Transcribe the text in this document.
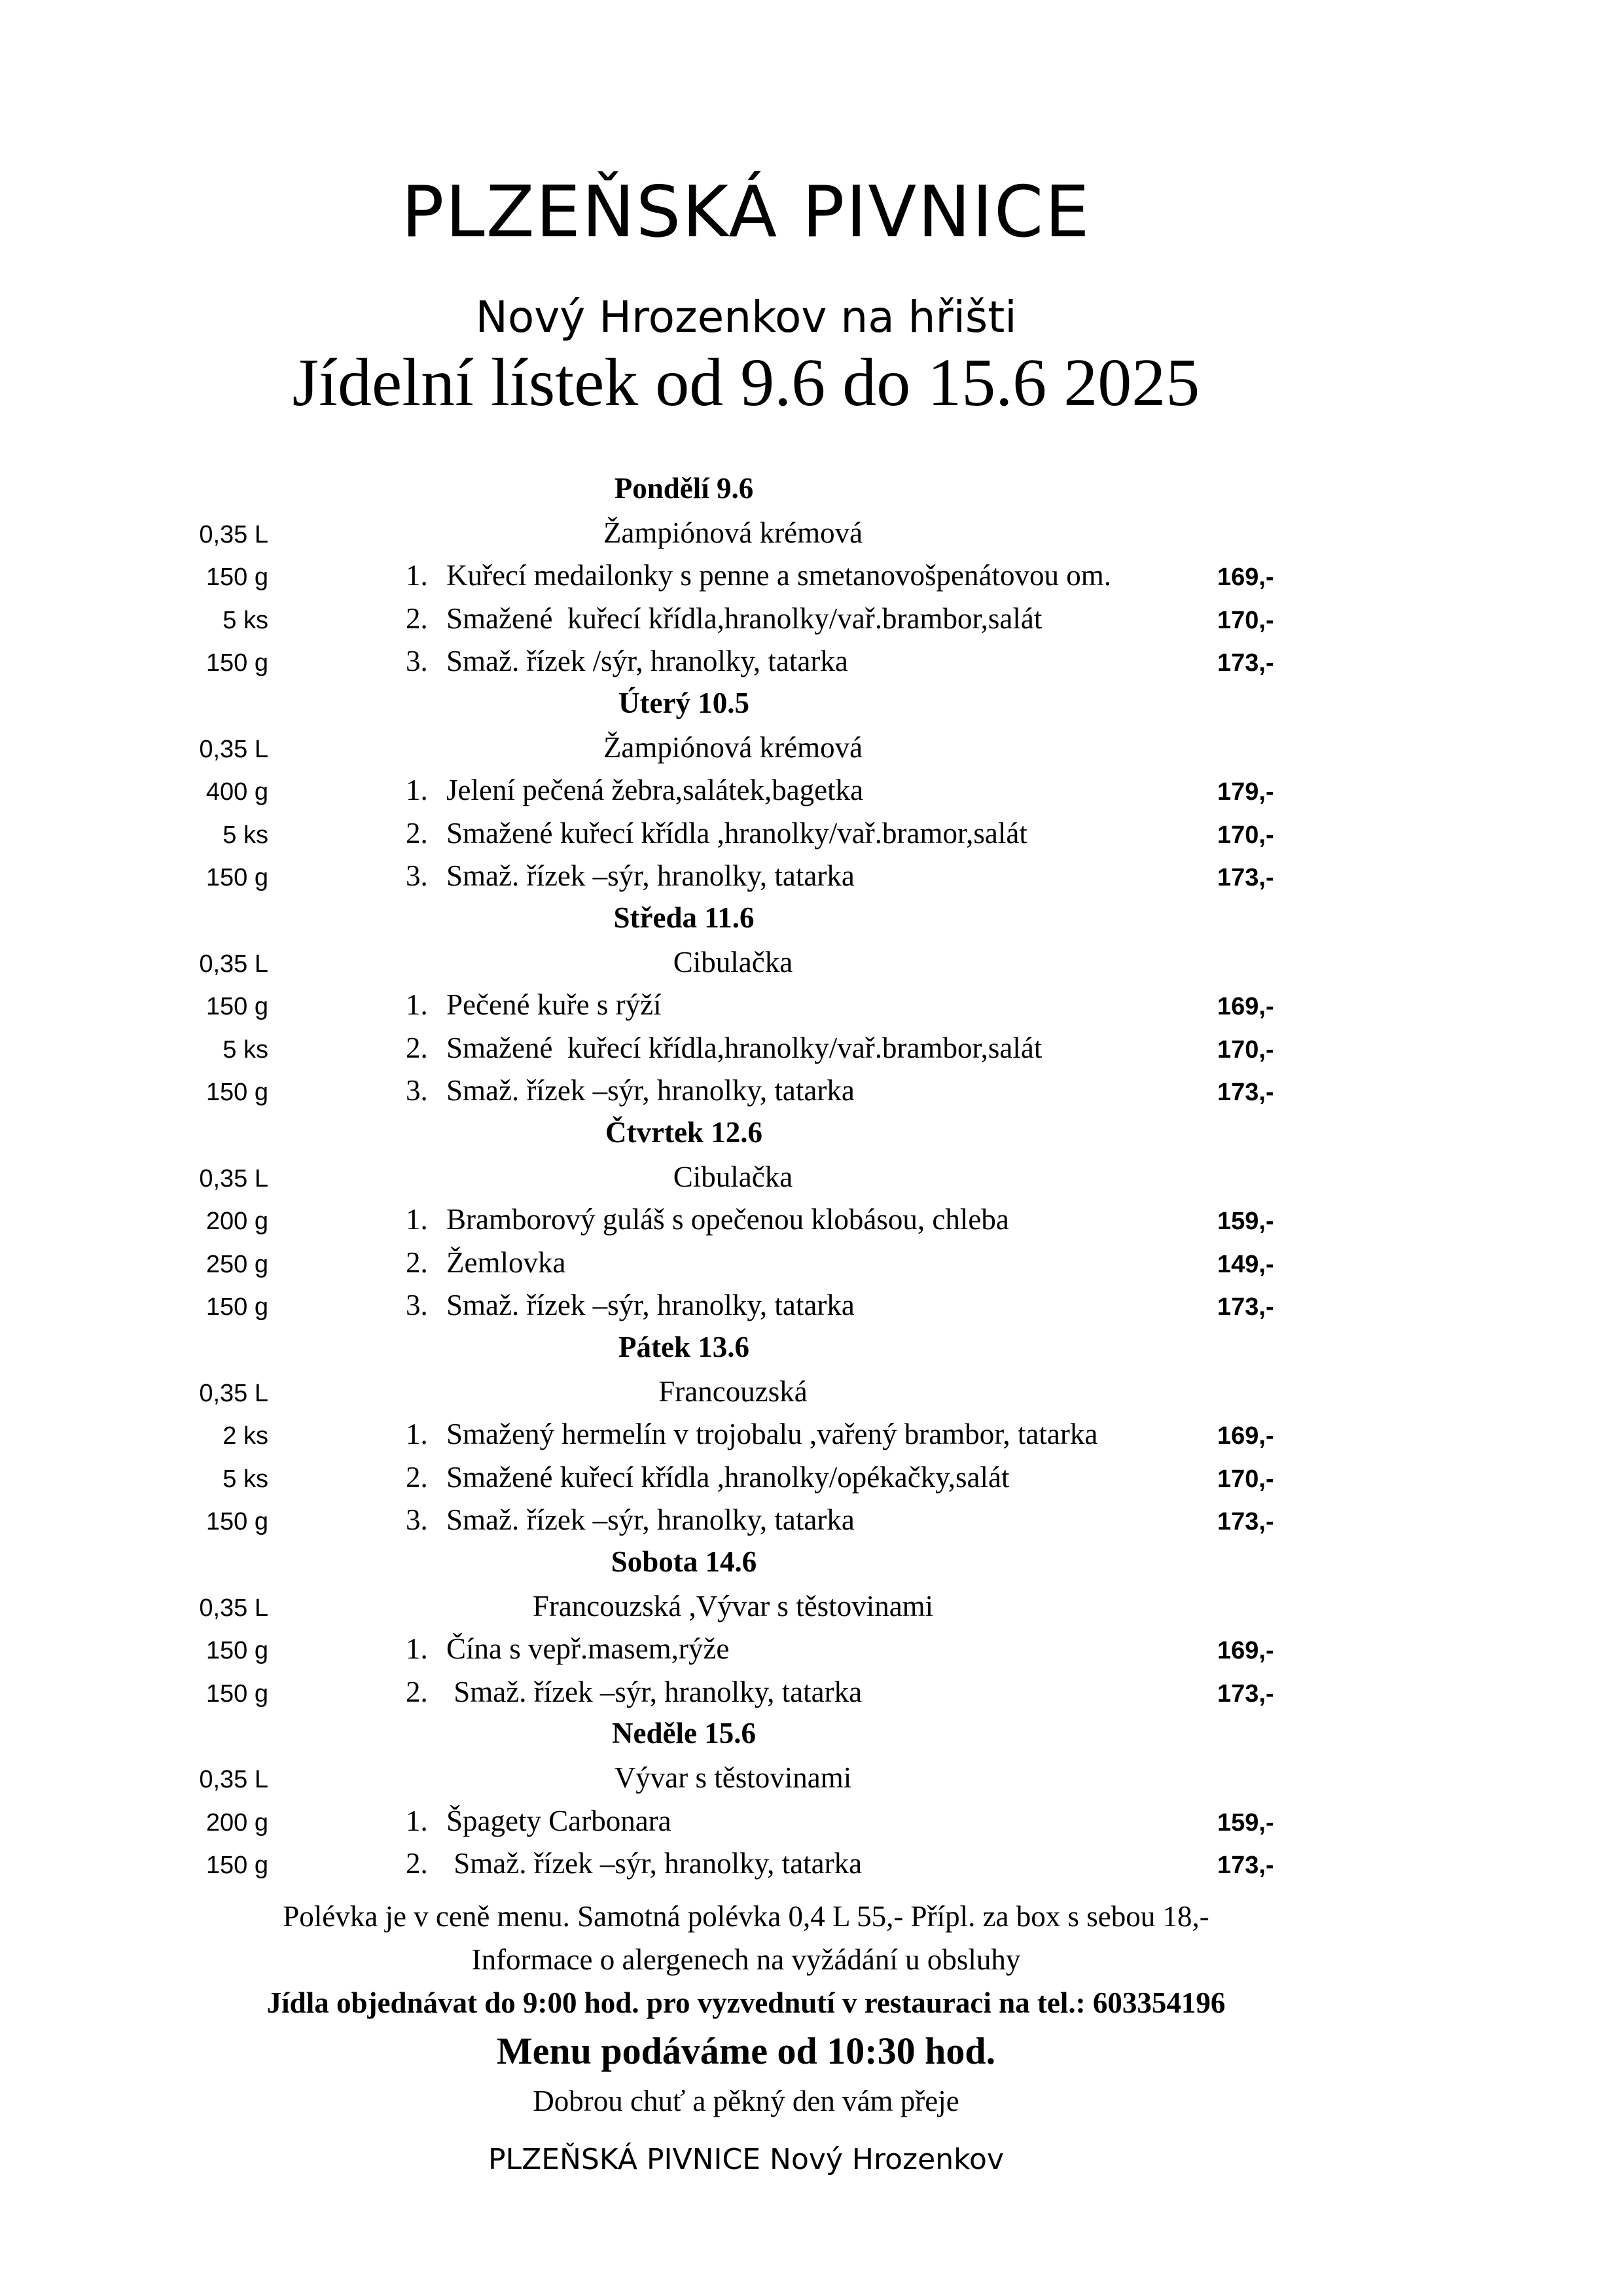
PLZEŇSKÁ PIVNICE
Nový Hrozenkov na hřišti
Jídelní lístek od 9.6 do 15.6 2025
Pondělí 9.6
0,35 L	Žampiónová krémová
150 g	1. Kuřecí medailonky s penne a smetanovošpenátovou om.	169,-
5 ks	2. Smažené  kuřecí křídla,hranolky/vař.brambor,salát	170,-
150 g	3. Smaž. řízek /sýr, hranolky, tatarka	173,-
Úterý 10.5
0,35 L	Žampiónová krémová
400 g	1. Jelení pečená žebra,salátek,bagetka	179,-
5 ks	2. Smažené kuřecí křídla ,hranolky/vař.bramor,salát	170,-
150 g	3. Smaž. řízek –sýr, hranolky, tatarka	173,-
Středa 11.6
0,35 L	Cibulačka
150 g	1. Pečené kuře s rýží	169,-
5 ks	2. Smažené  kuřecí křídla,hranolky/vař.brambor,salát	170,-
150 g	3. Smaž. řízek –sýr, hranolky, tatarka	173,-
Čtvrtek 12.6
0,35 L	Cibulačka
200 g	1. Bramborový guláš s opečenou klobásou, chleba	159,-
250 g	2. Žemlovka	149,-
150 g	3. Smaž. řízek –sýr, hranolky, tatarka	173,-
Pátek 13.6
0,35 L	Francouzská
2 ks	1. Smažený hermelín v trojobalu ,vařený brambor, tatarka	169,-
5 ks	2. Smažené kuřecí křídla ,hranolky/opékačky,salát	170,-
150 g	3. Smaž. řízek –sýr, hranolky, tatarka	173,-
Sobota 14.6
0,35 L	Francouzská ,Vývar s těstovinami
150 g	1. Čína s vepř.masem,rýže	169,-
150 g	2. Smaž. řízek –sýr, hranolky, tatarka	173,-
Neděle 15.6
0,35 L	Vývar s těstovinami
200 g	1. Špagety Carbonara	159,-
150 g	2. Smaž. řízek –sýr, hranolky, tatarka	173,-
Polévka je v ceně menu. Samotná polévka 0,4 L 55,- Přípl. za box s sebou 18,-
Informace o alergenech na vyžádání u obsluhy
Jídla objednávat do 9:00 hod. pro vyzvednutí v restauraci na tel.: 603354196
Menu podáváme od 10:30 hod.
Dobrou chuť a pěkný den vám přeje
PLZEŇSKÁ PIVNICE Nový Hrozenkov
